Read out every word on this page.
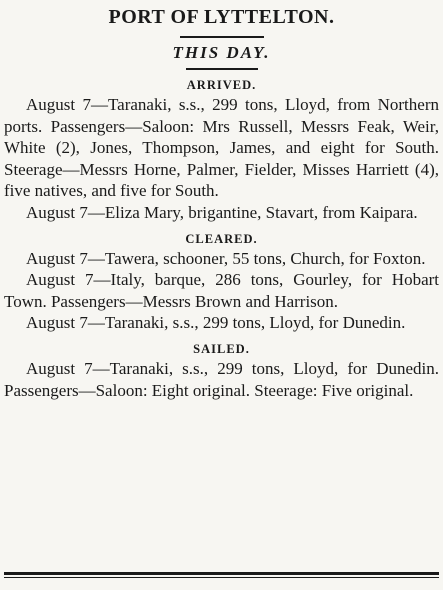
PORT OF LYTTELTON.
THIS DAY.
ARRIVED.

August 7—Taranaki, s.s., 299 tons, Lloyd, from Northern ports. Passengers—Saloon: Mrs Russell, Messrs Feak, Weir, White (2), Jones, Thompson, James, and eight for South. Steerage—Messrs Horne, Palmer, Fielder, Misses Harriett (4), five natives, and five for South.

August 7—Eliza Mary, brigantine, Stavart, from Kaipara.

CLEARED.

August 7—Tawera, schooner, 55 tons, Church, for Foxton.

August 7—Italy, barque, 286 tons, Gourley, for Hobart Town. Passengers—Messrs Brown and Harrison.

August 7—Taranaki, s.s., 299 tons, Lloyd, for Dunedin.

SAILED.

August 7—Taranaki, s.s., 299 tons, Lloyd, for Dunedin. Passengers—Saloon: Eight original. Steerage: Five original.
